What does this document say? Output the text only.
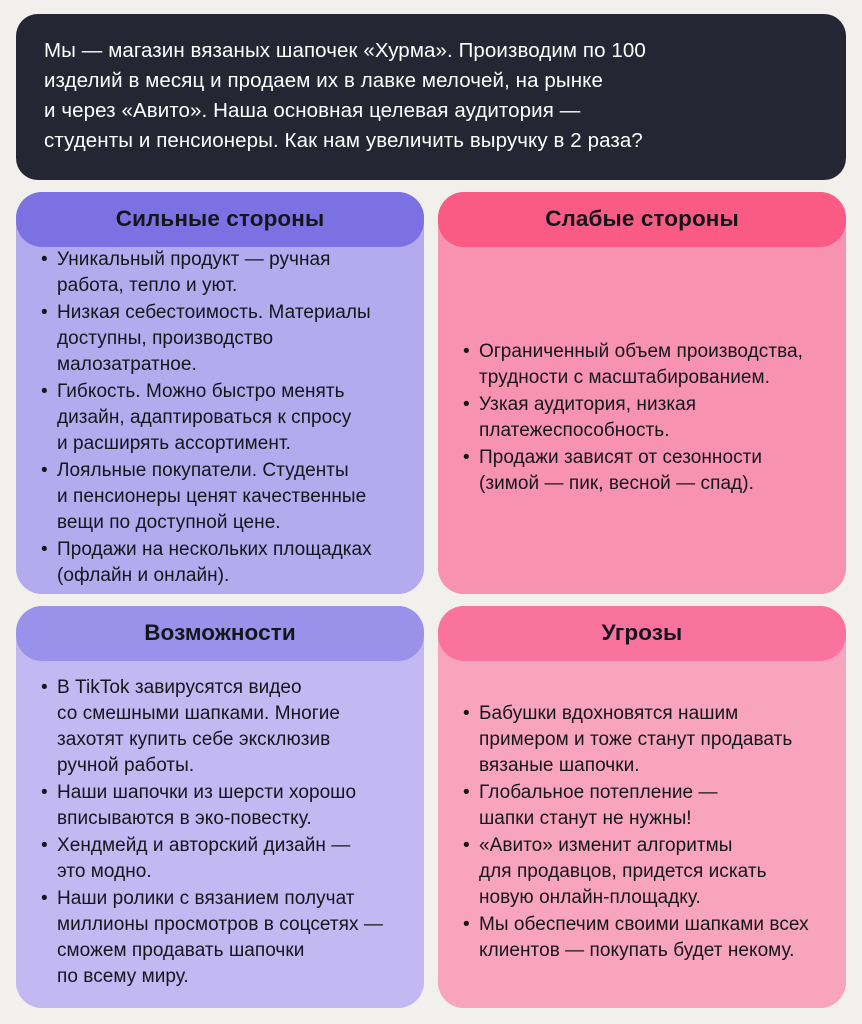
Мы — магазин вязаных шапочек «Хурма». Производим по 100
изделий в месяц и продаем их в лавке мелочей, на рынке
и через «Авито». Наша основная целевая аудитория —
студенты и пенсионеры. Как нам увеличить выручку в 2 раза?

Сильные стороны
• Уникальный продукт — ручная
работа, тепло и уют.
• Низкая себестоимость. Материалы
доступны, производство
малозатратное.
• Гибкость. Можно быстро менять
дизайн, адаптироваться к спросу
и расширять ассортимент.
• Лояльные покупатели. Студенты
и пенсионеры ценят качественные
вещи по доступной цене.
• Продажи на нескольких площадках
(офлайн и онлайн).
Слабые стороны
• Ограниченный объем производства,
трудности с масштабированием.
• Узкая аудитория, низкая
платежеспособность.
• Продажи зависят от сезонности
(зимой — пик, весной — спад).
Возможности
• В TikTok завирусятся видео
со смешными шапками. Многие
захотят купить себе эксклюзив
ручной работы.
• Наши шапочки из шерсти хорошо
вписываются в эко-повестку.
• Хендмейд и авторский дизайн —
это модно.
• Наши ролики с вязанием получат
миллионы просмотров в соцсетях —
сможем продавать шапочки
по всему миру.
Угрозы
• Бабушки вдохновятся нашим
примером и тоже станут продавать
вязаные шапочки.
• Глобальное потепление —
шапки станут не нужны!
• «Авито» изменит алгоритмы
для продавцов, придется искать
новую онлайн-площадку.
• Мы обеспечим своими шапками всех
клиентов — покупать будет некому.
